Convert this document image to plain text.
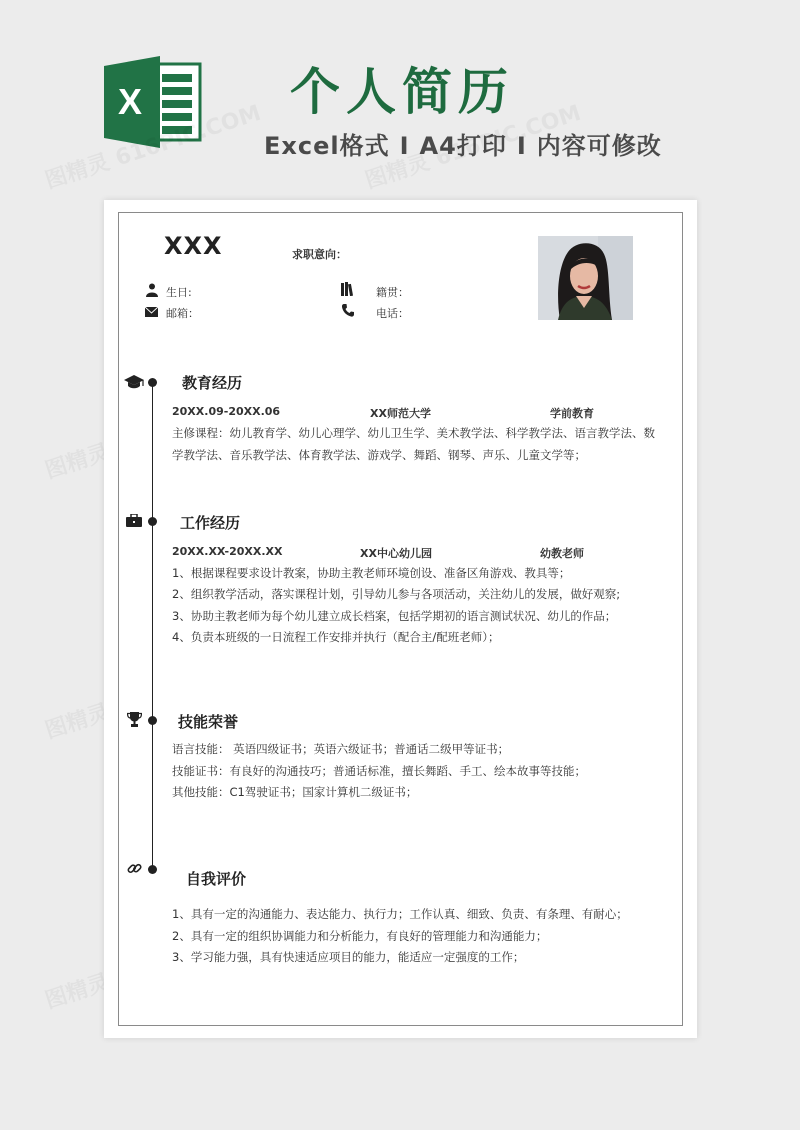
X	个人简历
Excel格式 I A4打印 I 内容可修改
XXX	求职意向：
生日:	籍贯：
邮箱：	电话：
教育经历
20XX.09-20XX.06	XX师范大学	学前教育
主修课程：幼儿教育学、幼儿心理学、幼儿卫生学、美术教学法、科学教学法、语言教学法、数
学教学法、音乐教学法、体育教学法、游戏学、舞蹈、钢琴、声乐、儿童文学等；
工作经历
20XX.XX-20XX.XX	XX中心幼儿园	幼教老师
1、根据课程要求设计教案，协助主教老师环境创设、准备区角游戏、教具等；
2、组织教学活动，落实课程计划，引导幼儿参与各项活动，关注幼儿的发展，做好观察;
3、协助主教老师为每个幼儿建立成长档案，包括学期初的语言测试状况、幼儿的作品；
4、负责本班级的一日流程工作安排并执行（配合主/配班老师）；
技能荣誉
语言技能： 英语四级证书；英语六级证书；普通话二级甲等证书；
技能证书：有良好的沟通技巧；普通话标准，擅长舞蹈、手工、绘本故事等技能；
其他技能：C1驾驶证书；国家计算机二级证书；
自我评价
1、具有一定的沟通能力、表达能力、执行力；工作认真、细致、负责、有条理、有耐心；
2、具有一定的组织协调能力和分析能力，有良好的管理能力和沟通能力；
3、学习能力强，具有快速适应项目的能力，能适应一定强度的工作；
